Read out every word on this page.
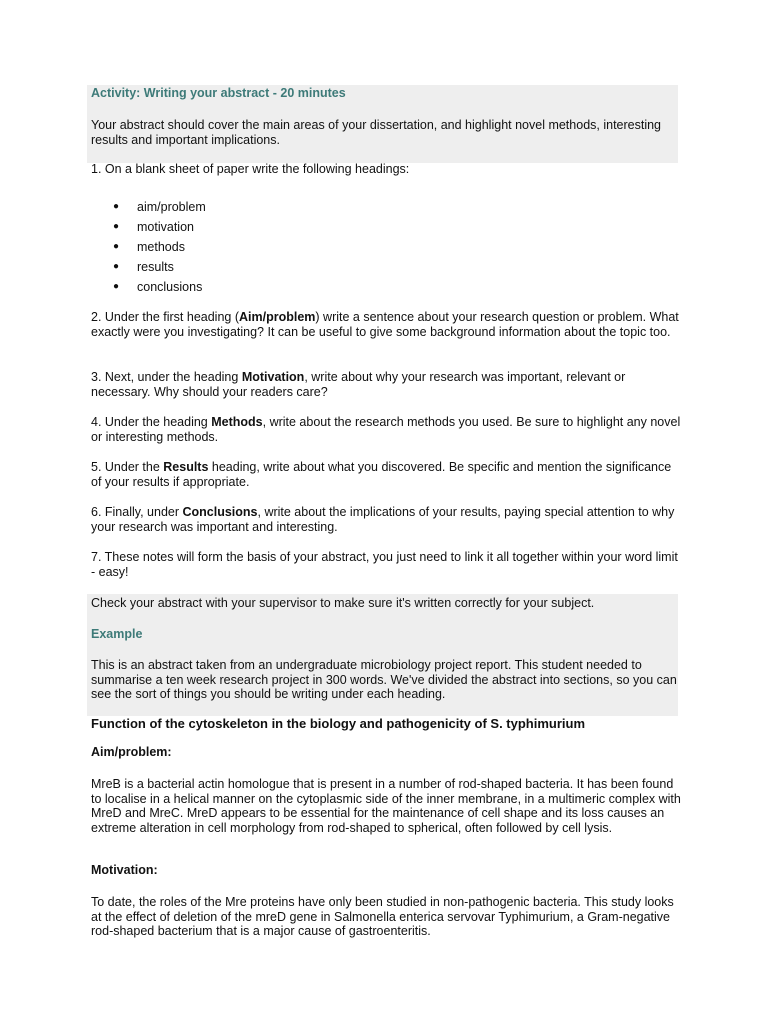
Activity: Writing your abstract - 20 minutes
Your abstract should cover the main areas of your dissertation, and highlight novel methods, interesting results and important implications.
1. On a blank sheet of paper write the following headings:
● aim/problem
● motivation
● methods
● results
● conclusions
2. Under the first heading (Aim/problem) write a sentence about your research question or problem. What exactly were you investigating? It can be useful to give some background information about the topic too.
3. Next, under the heading Motivation, write about why your research was important, relevant or necessary. Why should your readers care?
4. Under the heading Methods, write about the research methods you used. Be sure to highlight any novel or interesting methods.
5. Under the Results heading, write about what you discovered. Be specific and mention the significance of your results if appropriate.
6. Finally, under Conclusions, write about the implications of your results, paying special attention to why your research was important and interesting.
7. These notes will form the basis of your abstract, you just need to link it all together within your word limit - easy!
Check your abstract with your supervisor to make sure it's written correctly for your subject.
Example
This is an abstract taken from an undergraduate microbiology project report. This student needed to summarise a ten week research project in 300 words. We've divided the abstract into sections, so you can see the sort of things you should be writing under each heading.
Function of the cytoskeleton in the biology and pathogenicity of S. typhimurium
Aim/problem:
MreB is a bacterial actin homologue that is present in a number of rod-shaped bacteria. It has been found to localise in a helical manner on the cytoplasmic side of the inner membrane, in a multimeric complex with MreD and MreC. MreD appears to be essential for the maintenance of cell shape and its loss causes an extreme alteration in cell morphology from rod-shaped to spherical, often followed by cell lysis.
Motivation:
To date, the roles of the Mre proteins have only been studied in non-pathogenic bacteria. This study looks at the effect of deletion of the mreD gene in Salmonella enterica servovar Typhimurium, a Gram-negative rod-shaped bacterium that is a major cause of gastroenteritis.
